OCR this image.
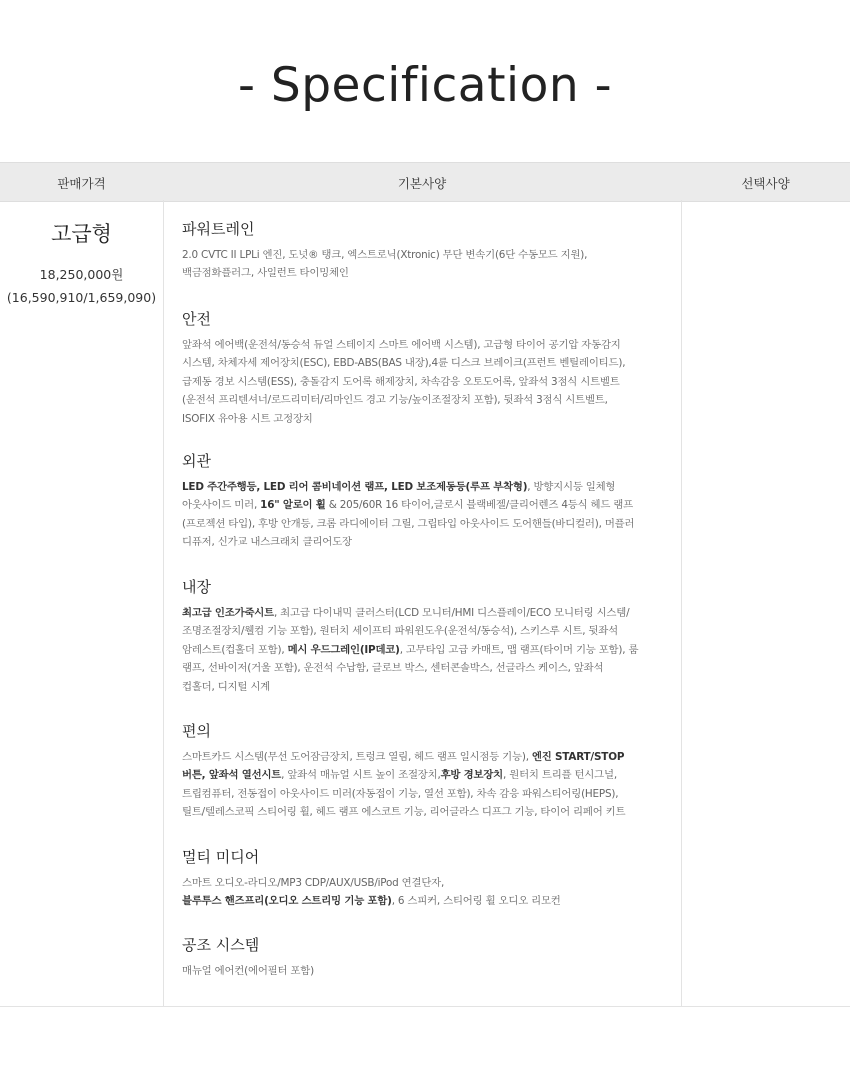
- Specification -
판매가격	기본사양	선택사양
고급형
18,250,000원
(16,590,910/1,659,090)
파워트레인
2.0 CVTC II LPLi 엔진, 도넛® 탱크, 엑스트로닉(Xtronic) 무단 변속기(6단 수동모드 지원),
백금점화플러그, 사일런트 타이밍체인
안전
앞좌석 에어백(운전석/동승석 듀얼 스테이지 스마트 에어백 시스템), 고급형 타이어 공기압 자동감지
시스템, 차체자세 제어장치(ESC), EBD-ABS(BAS 내장),4륜 디스크 브레이크(프런트 벤틸레이티드),
급제동 경보 시스템(ESS), 충돌감지 도어록 해제장치, 차속감응 오토도어록, 앞좌석 3점식 시트벨트
(운전석 프리텐셔너/로드리미터/리마인드 경고 기능/높이조절장치 포함), 뒷좌석 3점식 시트벨트,
ISOFIX 유아용 시트 고정장치
외관
LED 주간주행등, LED 리어 콤비네이션 램프, LED 보조제동등(루프 부착형), 방향지시등 일체형
아웃사이드 미러, 16" 알로이 휠 & 205/60R 16 타이어,글로시 블랙베젤/클리어렌즈 4등식 헤드 램프
(프로젝션 타입), 후방 안개등, 크롬 라디에이터 그릴, 그립타입 아웃사이드 도어핸들(바디컬러), 머플러
디퓨저, 신가교 내스크래치 클리어도장
내장
최고급 인조가죽시트, 최고급 다이내믹 클러스터(LCD 모니터/HMI 디스플레이/ECO 모니터링 시스템/
조명조절장치/웰컴 기능 포함), 원터치 세이프티 파워윈도우(운전석/동승석), 스키스루 시트, 뒷좌석
암레스트(컵홀더 포함), 메시 우드그레인(IP데코), 고무타입 고급 카매트, 맵 램프(타이머 기능 포함), 룸
램프, 선바이저(거울 포함), 운전석 수납함, 글로브 박스, 센터콘솔박스, 선글라스 케이스, 앞좌석
컵홀더, 디지털 시계
편의
스마트카드 시스템(무선 도어잠금장치, 트렁크 열림, 헤드 램프 일시점등 기능), 엔진 START/STOP
버튼, 앞좌석 열선시트, 앞좌석 매뉴얼 시트 높이 조절장치,후방 경보장치, 원터치 트리플 턴시그널,
트립컴퓨터, 전동접이 아웃사이드 미러(자동접이 기능, 열선 포함), 차속 감응 파워스티어링(HEPS),
틸트/텔레스코픽 스티어링 휠, 헤드 램프 에스코트 기능, 리어글라스 디프그 기능, 타이어 리페어 키트
멀티 미디어
스마트 오디오-라디오/MP3 CDP/AUX/USB/iPod 연결단자,
블루투스 핸즈프리(오디오 스트리밍 기능 포함), 6 스피커, 스티어링 휠 오디오 리모컨
공조 시스템
매뉴얼 에어컨(에어필터 포함)
